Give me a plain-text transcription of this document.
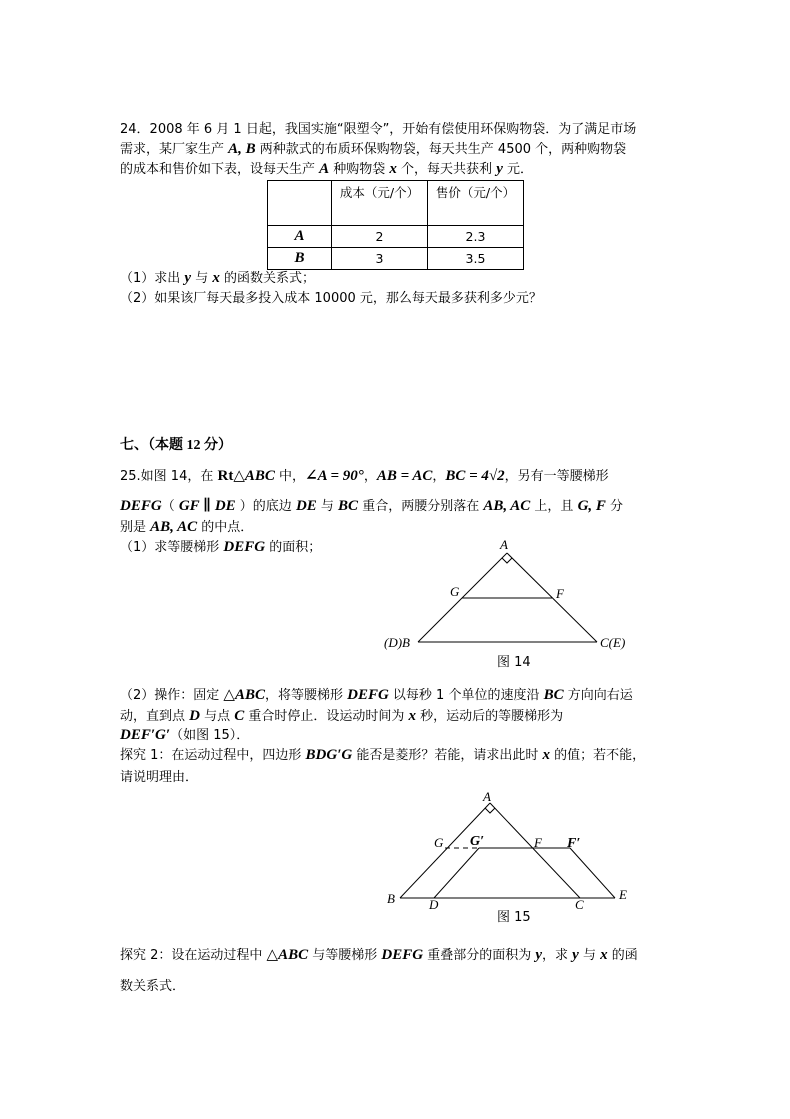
24．2008 年 6 月 1 日起，我国实施“限塑令”，开始有偿使用环保购物袋．为了满足市场
需求，某厂家生产 A, B 两种款式的布质环保购物袋，每天共生产 4500 个，两种购物袋
的成本和售价如下表，设每天生产 A 种购物袋 x 个，每天共获利 y 元．
	成本（元/个）	售价（元/个）
A	2	2.3
B	3	3.5
（1）求出 y 与 x 的函数关系式；
（2）如果该厂每天最多投入成本 10000 元，那么每天最多获利多少元？
七、（本题 12 分）
25.如图 14，在 Rt△ABC 中，∠A = 90°，AB = AC，BC = 4√2，另有一等腰梯形
DEFG（ GF ∥ DE ）的底边 DE 与 BC 重合，两腰分别落在 AB, AC 上，且 G, F 分
别是 AB, AC 的中点．
（1）求等腰梯形 DEFG 的面积；	A
G	F
(D)B	C(E)
图 14
（2）操作：固定 △ABC，将等腰梯形 DEFG 以每秒 1 个单位的速度沿 BC 方向向右运
动，直到点 D 与点 C 重合时停止．设运动时间为 x 秒，运动后的等腰梯形为
DEF′G′（如图 15）．
探究 1：在运动过程中，四边形 BDG′G 能否是菱形？若能，请求出此时 x 的值；若不能，
请说明理由．
A
G G′	F F′
B	D	C
E
图 15
探究 2：设在运动过程中 △ABC 与等腰梯形 DEFG 重叠部分的面积为 y，求 y 与 x 的函
数关系式．
